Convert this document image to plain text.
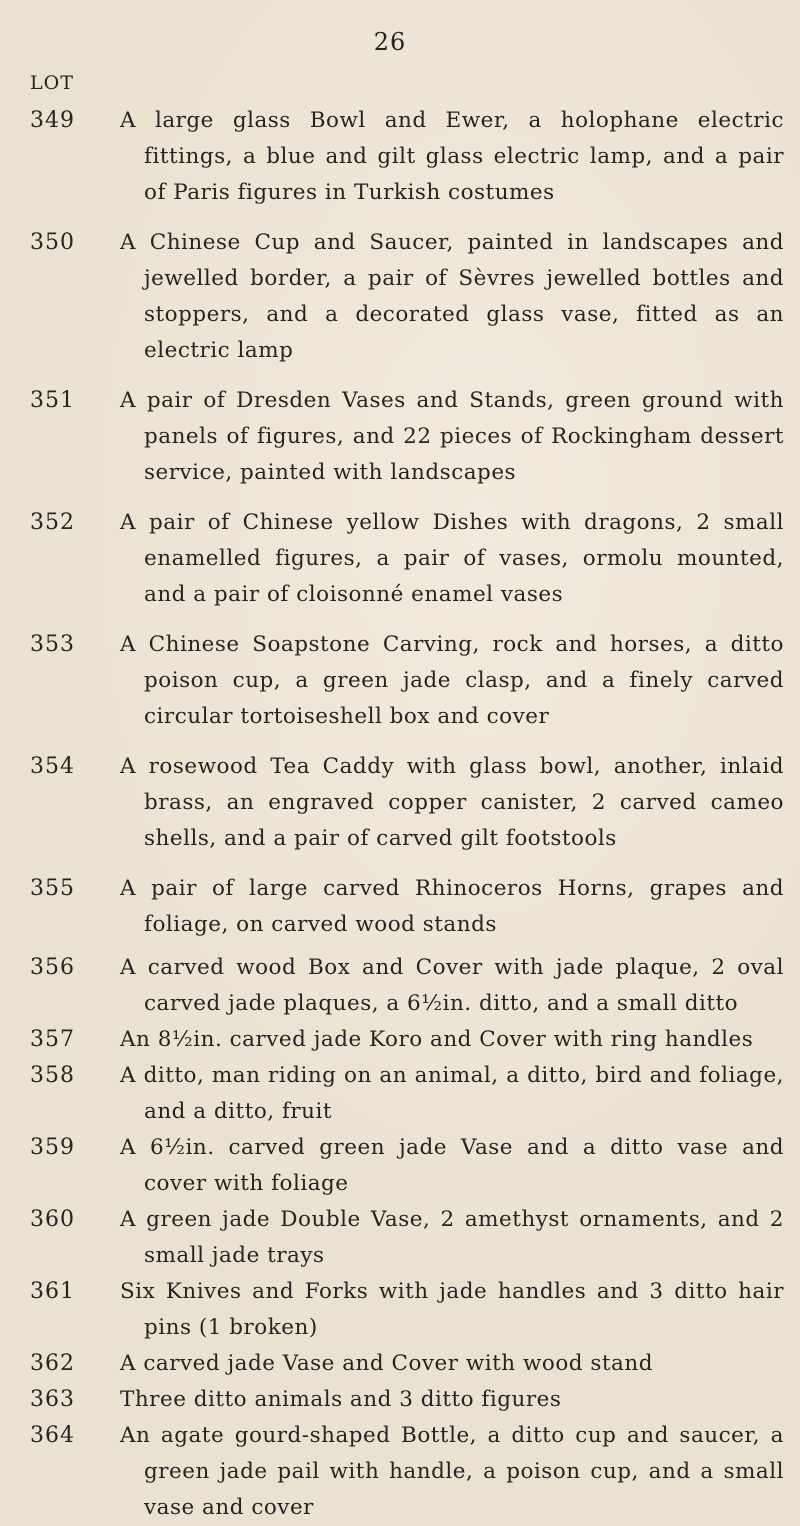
26
LOT
349 A large glass Bowl and Ewer, a holophane electric fittings, a blue and gilt glass electric lamp, and a pair of Paris figures in Turkish costumes
350 A Chinese Cup and Saucer, painted in landscapes and jewelled border, a pair of Sèvres jewelled bottles and stoppers, and a decorated glass vase, fitted as an electric lamp
351 A pair of Dresden Vases and Stands, green ground with panels of figures, and 22 pieces of Rockingham dessert service, painted with landscapes
352 A pair of Chinese yellow Dishes with dragons, 2 small enamelled figures, a pair of vases, ormolu mounted, and a pair of cloisonné enamel vases
353 A Chinese Soapstone Carving, rock and horses, a ditto poison cup, a green jade clasp, and a finely carved circular tortoiseshell box and cover
354 A rosewood Tea Caddy with glass bowl, another, inlaid brass, an engraved copper canister, 2 carved cameo shells, and a pair of carved gilt footstools
355 A pair of large carved Rhinoceros Horns, grapes and foliage, on carved wood stands
356 A carved wood Box and Cover with jade plaque, 2 oval carved jade plaques, a 6½in. ditto, and a small ditto
357 An 8½in. carved jade Koro and Cover with ring handles
358 A ditto, man riding on an animal, a ditto, bird and foliage, and a ditto, fruit
359 A 6½in. carved green jade Vase and a ditto vase and cover with foliage
360 A green jade Double Vase, 2 amethyst ornaments, and 2 small jade trays
361 Six Knives and Forks with jade handles and 3 ditto hair pins (1 broken)
362 A carved jade Vase and Cover with wood stand
363 Three ditto animals and 3 ditto figures
364 An agate gourd-shaped Bottle, a ditto cup and saucer, a green jade pail with handle, a poison cup, and a small vase and cover
